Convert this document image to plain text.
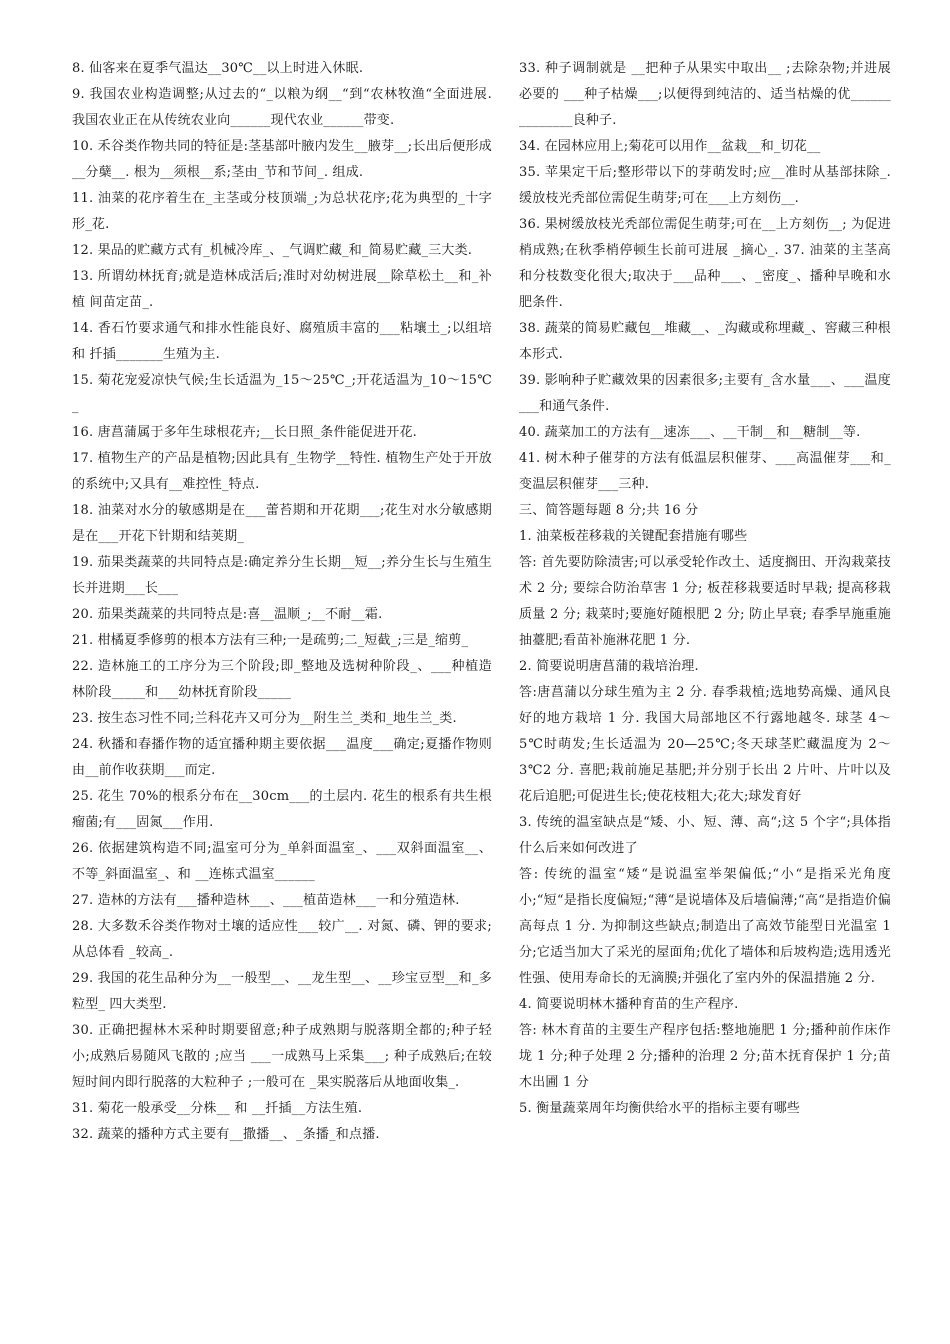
8. 仙客来在夏季气温达__30℃__以上时进入休眠.

9. 我国农业构造调整;从过去的“_以粮为纲__“到“农林牧渔“全面进展. 我国农业正在从传统农业向______现代农业______带变.

10. 禾谷类作物共同的特征是:茎基部叶腋内发生__腋芽__;长出后便形成__分蘖__. 根为__须根__系;茎由_节和节间_. 组成.

11. 油菜的花序着生在_主茎或分枝顶端_;为总状花序;花为典型的_十字形_花.

12. 果品的贮藏方式有_机械冷库_、_气调贮藏_和_简易贮藏_三大类.

13. 所谓幼林抚育;就是造林成活后;准时对幼树进展__除草松土__和_补植 间苗定苗_.

14. 香石竹要求通气和排水性能良好、腐殖质丰富的___粘壤土_;以组培和 扦插_______生殖为主.

15. 菊花宠爱凉快气候;生长适温为_15～25℃_;开花适温为_10～15℃_

16. 唐菖蒲属于多年生球根花卉;__长日照_条件能促进开花.

17. 植物生产的产品是植物;因此具有_生物学__特性. 植物生产处于开放的系统中;又具有__难控性_特点.

18. 油菜对水分的敏感期是在___蕾苔期和开花期___;花生对水分敏感期是在___开花下针期和结荚期_

19. 茄果类蔬菜的共同特点是:确定养分生长期__短__;养分生长与生殖生长并进期___长___

20. 茄果类蔬菜的共同特点是:喜__温顺_;__不耐__霜.

21. 柑橘夏季修剪的根本方法有三种;一是疏剪;二_短截_;三是_缩剪_

22. 造林施工的工序分为三个阶段;即_整地及选树种阶段_、___种植造林阶段_____和___幼林抚育阶段_____

23. 按生态习性不同;兰科花卉又可分为__附生兰_类和_地生兰_类.

24. 秋播和春播作物的适宜播种期主要依据___温度___确定;夏播作物则由__前作收获期___而定.

25. 花生 70%的根系分布在__30cm___的土层内. 花生的根系有共生根瘤菌;有___固氮___作用.

26. 依据建筑构造不同;温室可分为_单斜面温室_、___双斜面温室__、不等_斜面温室_、和 __连栋式温室______

27. 造林的方法有___播种造林___、___植苗造林___一和分殖造林.

28. 大多数禾谷类作物对土壤的适应性___较广__. 对氮、磷、钾的要求;从总体看 _较高_.

29. 我国的花生品种分为__一般型__、__龙生型__、__珍宝豆型__和_多粒型_ 四大类型.

30. 正确把握林木采种时期要留意;种子成熟期与脱落期全都的;种子轻小;成熟后易随风飞散的 ;应当 ___一成熟马上采集___; 种子成熟后;在较短时间内即行脱落的大粒种子 ;一般可在 _果实脱落后从地面收集_.

31. 菊花一般承受__分株__ 和 __扦插__方法生殖.

32. 蔬菜的播种方式主要有__撒播__、_条播_和点播.

33. 种子调制就是 __把种子从果实中取出__ ;去除杂物;并进展必要的 ___种子枯燥___;以便得到纯洁的、适当枯燥的优______________良种子.

34. 在园林应用上;菊花可以用作__盆栽__和_切花__

35. 苹果定干后;整形带以下的芽萌发时;应__准时从基部抹除_. 缓放枝光秃部位需促生萌芽;可在___上方刻伤__.

36. 果树缓放枝光秃部位需促生萌芽;可在__上方刻伤__; 为促进梢成熟;在秋季梢停顿生长前可进展 _摘心_. 37. 油菜的主茎高和分枝数变化很大;取决于___品种___、_密度_、播种早晚和水肥条件.

38. 蔬菜的简易贮藏包__堆藏__、_沟藏或称埋藏_、窖藏三种根本形式.

39. 影响种子贮藏效果的因素很多;主要有_含水量___、___温度___和通气条件.

40. 蔬菜加工的方法有__速冻___、__干制__和__糖制__等.

41. 树木种子催芽的方法有低温层积催芽、___高温催芽___和_变温层积催芽___三种.

三、简答题每题 8 分;共 16 分

1. 油菜板茬移栽的关键配套措施有哪些

答: 首先要防除渍害;可以承受轮作改土、适度搁田、开沟栽菜技术 2 分; 要综合防治草害 1 分; 板茬移栽要适时早栽; 提高移栽质量 2 分; 栽菜时;要施好随根肥 2 分; 防止早衰; 春季早施重施抽薹肥;看苗补施淋花肥 1 分.

2. 简要说明唐菖蒲的栽培治理.

答:唐菖蒲以分球生殖为主 2 分. 春季栽植;选地势高燥、通风良好的地方栽培 1 分. 我国大局部地区不行露地越冬. 球茎 4～5℃时萌发;生长适温为 20—25℃;冬天球茎贮藏温度为 2～3℃2 分. 喜肥;栽前施足基肥;并分别于长出 2 片叶、片叶以及花后追肥;可促进生长;使花枝粗大;花大;球发育好

3. 传统的温室缺点是“矮、小、短、薄、高“;这 5 个字“;具体指什么后来如何改进了

答: 传统的温室“矮“是说温室举架偏低;“小“是指采光角度小;“短“是指长度偏短;“薄“是说墙体及后墙偏薄;“高“是指造价偏高每点 1 分. 为抑制这些缺点;制造出了高效节能型日光温室 1 分;它适当加大了采光的屋面角;优化了墙体和后坡构造;选用透光性强、使用寿命长的无滴膜;并强化了室内外的保温措施 2 分.

4. 简要说明林木播种育苗的生产程序.

答: 林木育苗的主要生产程序包括:整地施肥 1 分;播种前作床作垅 1 分;种子处理 2 分;播种的治理 2 分;苗木抚育保护 1 分;苗木出圃 1 分

5. 衡量蔬菜周年均衡供给水平的指标主要有哪些
